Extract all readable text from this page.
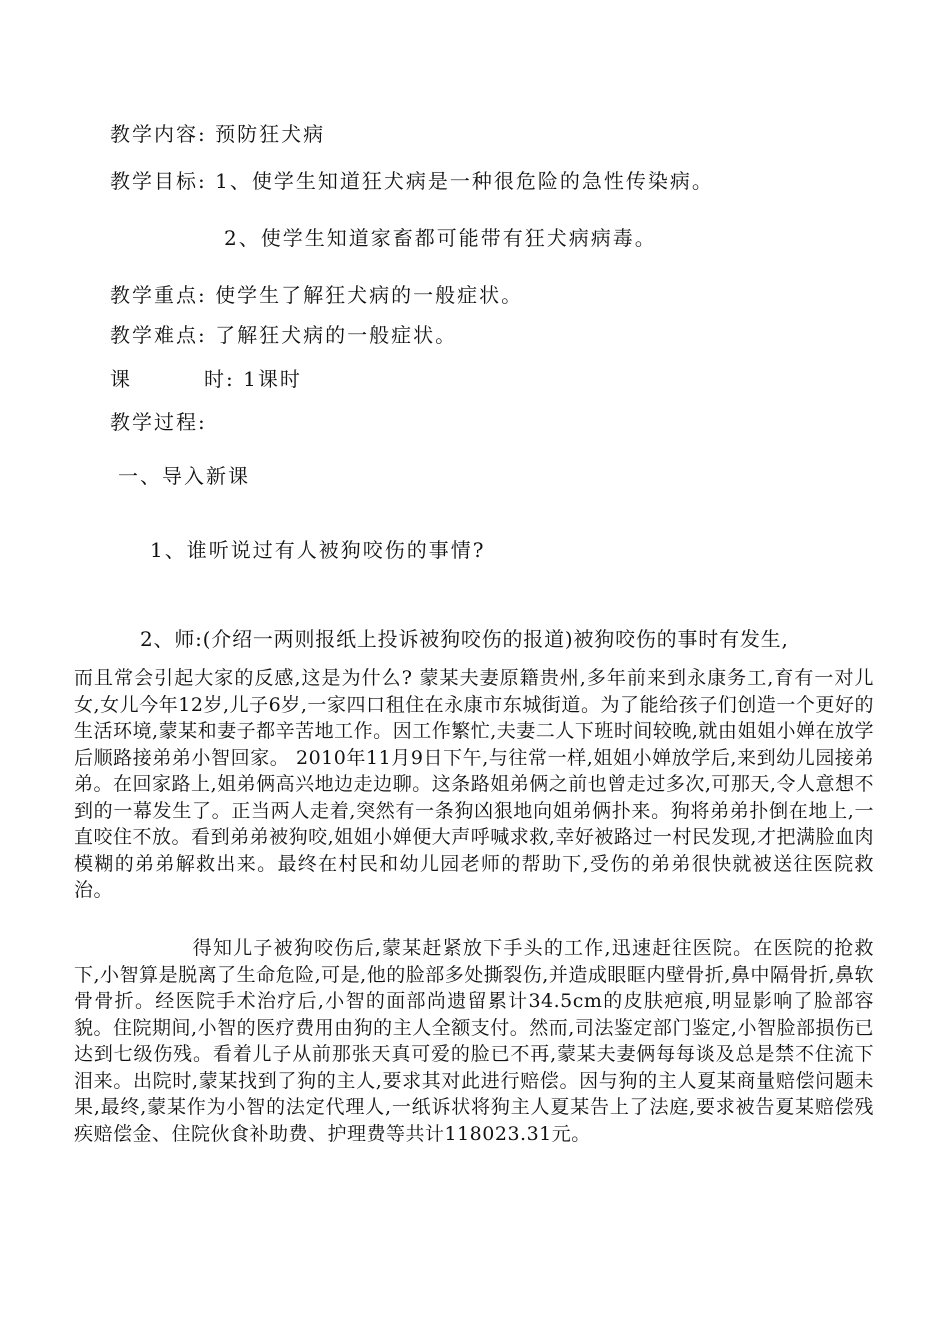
教学内容: 预防狂犬病
教学目标: 1、使学生知道狂犬病是一种很危险的急性传染病。
2、使学生知道家畜都可能带有狂犬病病毒。
教学重点: 使学生了解狂犬病的一般症状。
教学难点: 了解狂犬病的一般症状。
课	时: 1课时
教学过程:
一、导入新课
1、谁听说过有人被狗咬伤的事情?
2、师:(介绍一两则报纸上投诉被狗咬伤的报道)被狗咬伤的事时有发生,
而且常会引起大家的反感,这是为什么? 蒙某夫妻原籍贵州,多年前来到永康务工,育有一对儿女,女儿今年12岁,儿子6岁,一家四口租住在永康市东城街道。为了能给孩子们创造一个更好的生活环境,蒙某和妻子都辛苦地工作。因工作繁忙,夫妻二人下班时间较晚,就由姐姐小婵在放学后顺路接弟弟小智回家。 2010年11月9日下午,与往常一样,姐姐小婵放学后,来到幼儿园接弟弟。在回家路上,姐弟俩高兴地边走边聊。这条路姐弟俩之前也曾走过多次,可那天,令人意想不到的一幕发生了。正当两人走着,突然有一条狗凶狠地向姐弟俩扑来。狗将弟弟扑倒在地上,一直咬住不放。看到弟弟被狗咬,姐姐小婵便大声呼喊求救,幸好被路过一村民发现,才把满脸血肉模糊的弟弟解救出来。最终在村民和幼儿园老师的帮助下,受伤的弟弟很快就被送往医院救治。
得知儿子被狗咬伤后,蒙某赶紧放下手头的工作,迅速赶往医院。在医院的抢救下,小智算是脱离了生命危险,可是,他的脸部多处撕裂伤,并造成眼眶内壁骨折,鼻中隔骨折,鼻软骨骨折。经医院手术治疗后,小智的面部尚遗留累计34.5cm的皮肤疤痕,明显影响了脸部容貌。住院期间,小智的医疗费用由狗的主人全额支付。然而,司法鉴定部门鉴定,小智脸部损伤已达到七级伤残。看着儿子从前那张天真可爱的脸已不再,蒙某夫妻俩每每谈及总是禁不住流下泪来。出院时,蒙某找到了狗的主人,要求其对此进行赔偿。因与狗的主人夏某商量赔偿问题未果,最终,蒙某作为小智的法定代理人,一纸诉状将狗主人夏某告上了法庭,要求被告夏某赔偿残疾赔偿金、住院伙食补助费、护理费等共计118023.31元。
